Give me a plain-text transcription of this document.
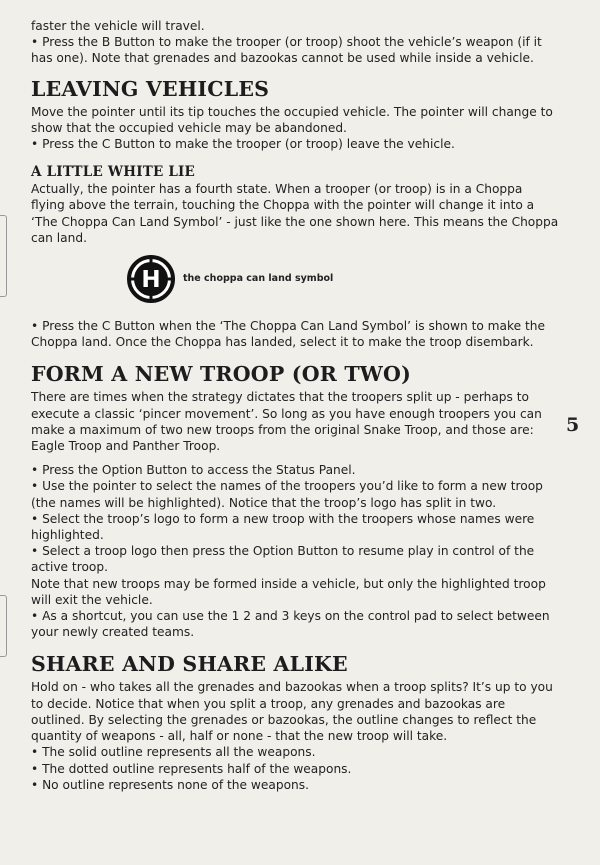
faster the vehicle will travel.

• Press the B Button to make the trooper (or troop) shoot the vehicle’s weapon (if it has one). Note that grenades and bazookas cannot be used while inside a vehicle.

LEAVING VEHICLES

Move the pointer until its tip touches the occupied vehicle. The pointer will change to show that the occupied vehicle may be abandoned.

• Press the C Button to make the trooper (or troop) leave the vehicle.

A LITTLE WHITE LIE

Actually, the pointer has a fourth state. When a trooper (or troop) is in a Choppa flying above the terrain, touching the Choppa with the pointer will change it into a ‘The Choppa Can Land Symbol’ - just like the one shown here. This means the Choppa can land.

H the choppa can land symbol

• Press the C Button when the ‘The Choppa Can Land Symbol’ is shown to make the Choppa land. Once the Choppa has landed, select it to make the troop disembark.

FORM A NEW TROOP (OR TWO)

There are times when the strategy dictates that the troopers split up - perhaps to execute a classic ‘pincer movement’. So long as you have enough troopers you can make a maximum of two new troops from the original Snake Troop, and those are: Eagle Troop and Panther Troop.

• Press the Option Button to access the Status Panel.

• Use the pointer to select the names of the troopers you’d like to form a new troop (the names will be highlighted). Notice that the troop’s logo has split in two.

• Select the troop’s logo to form a new troop with the troopers whose names were highlighted.

• Select a troop logo then press the Option Button to resume play in control of the active troop.

Note that new troops may be formed inside a vehicle, but only the highlighted troop will exit the vehicle.

• As a shortcut, you can use the 1 2 and 3 keys on the control pad to select between your newly created teams.

SHARE AND SHARE ALIKE

Hold on - who takes all the grenades and bazookas when a troop splits? It’s up to you to decide. Notice that when you split a troop, any grenades and bazookas are outlined. By selecting the grenades or bazookas, the outline changes to reflect the quantity of weapons - all, half or none - that the new troop will take.

• The solid outline represents all the weapons.

• The dotted outline represents half of the weapons.

• No outline represents none of the weapons.

5
